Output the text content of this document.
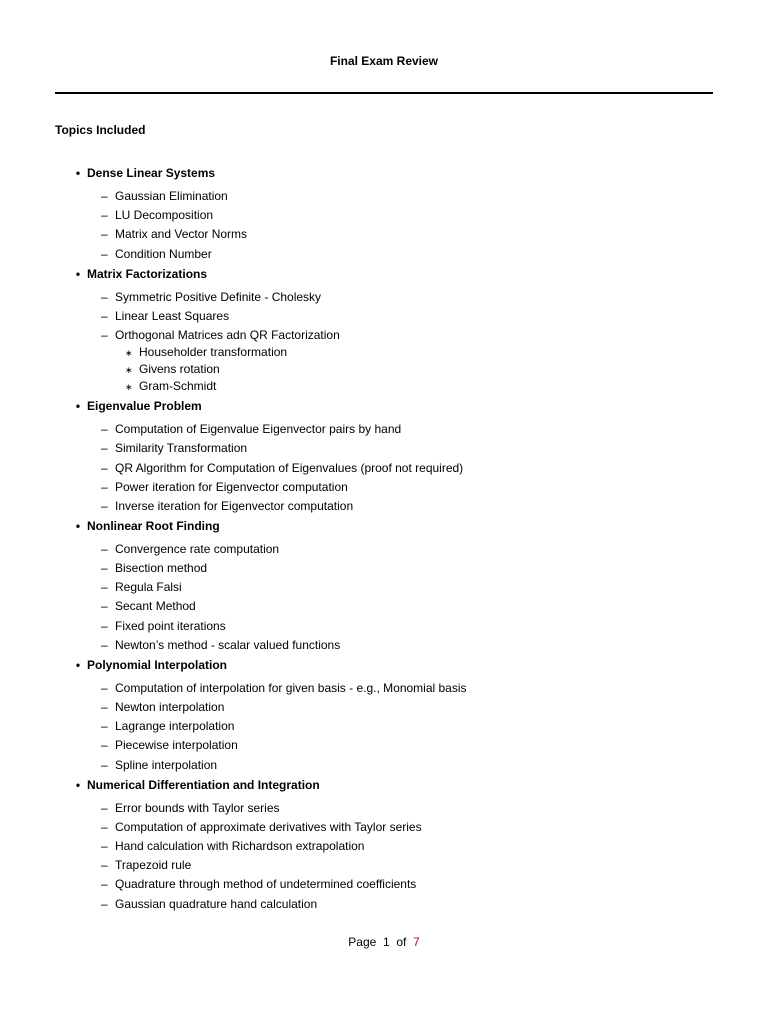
Final Exam Review
Topics Included
• Dense Linear Systems
– Gaussian Elimination
– LU Decomposition
– Matrix and Vector Norms
– Condition Number
• Matrix Factorizations
– Symmetric Positive Definite - Cholesky
– Linear Least Squares
– Orthogonal Matrices adn QR Factorization
∗ Householder transformation
∗ Givens rotation
∗ Gram-Schmidt
• Eigenvalue Problem
– Computation of Eigenvalue Eigenvector pairs by hand
– Similarity Transformation
– QR Algorithm for Computation of Eigenvalues (proof not required)
– Power iteration for Eigenvector computation
– Inverse iteration for Eigenvector computation
• Nonlinear Root Finding
– Convergence rate computation
– Bisection method
– Regula Falsi
– Secant Method
– Fixed point iterations
– Newton’s method - scalar valued functions
• Polynomial Interpolation
– Computation of interpolation for given basis - e.g., Monomial basis
– Newton interpolation
– Lagrange interpolation
– Piecewise interpolation
– Spline interpolation
• Numerical Differentiation and Integration
– Error bounds with Taylor series
– Computation of approximate derivatives with Taylor series
– Hand calculation with Richardson extrapolation
– Trapezoid rule
– Quadrature through method of undetermined coefficients
– Gaussian quadrature hand calculation
Page 1 of 7
